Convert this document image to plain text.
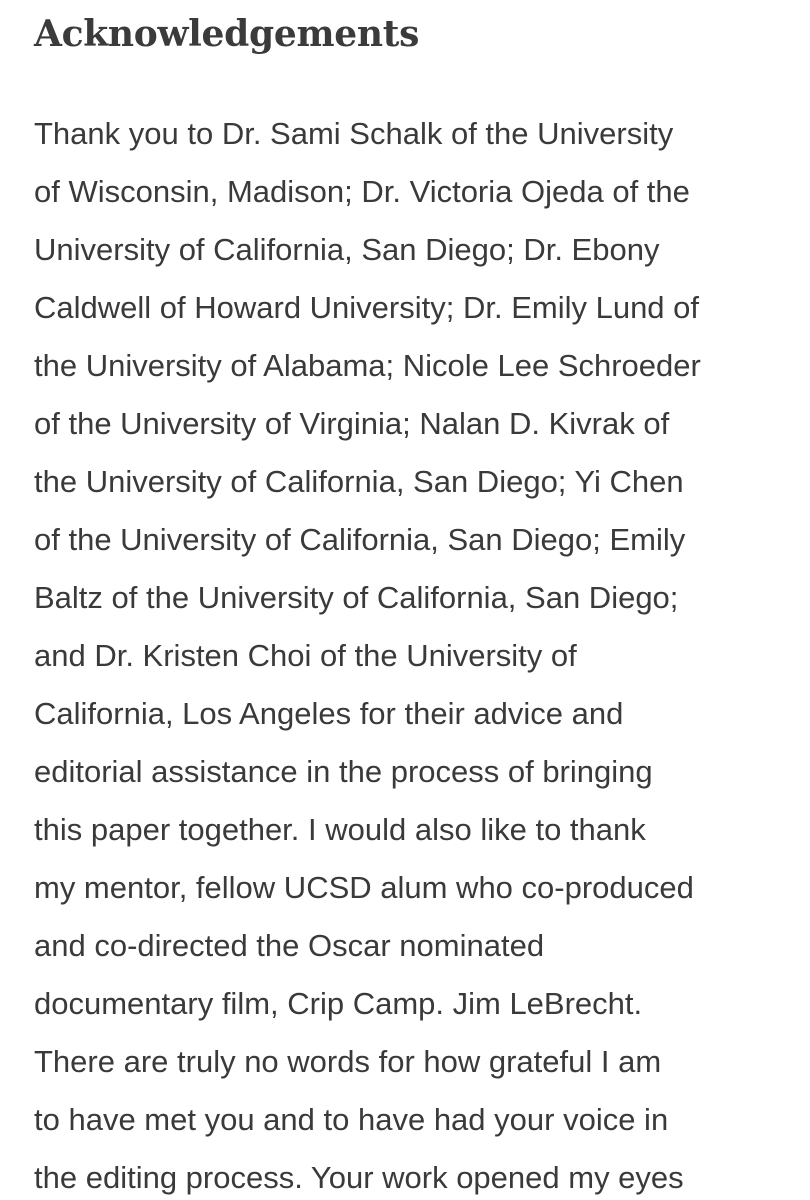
Acknowledgements
Thank you to Dr. Sami Schalk of the University
of Wisconsin, Madison; Dr. Victoria Ojeda of the
University of California, San Diego; Dr. Ebony
Caldwell of Howard University; Dr. Emily Lund of
the University of Alabama; Nicole Lee Schroeder
of the University of Virginia; Nalan D. Kivrak of
the University of California, San Diego; Yi Chen
of the University of California, San Diego; Emily
Baltz of the University of California, San Diego;
and Dr. Kristen Choi of the University of
California, Los Angeles for their advice and
editorial assistance in the process of bringing
this paper together. I would also like to thank
my mentor, fellow UCSD alum who co-produced
and co-directed the Oscar nominated
documentary film, Crip Camp. Jim LeBrecht.
There are truly no words for how grateful I am
to have met you and to have had your voice in
the editing process. Your work opened my eyes
